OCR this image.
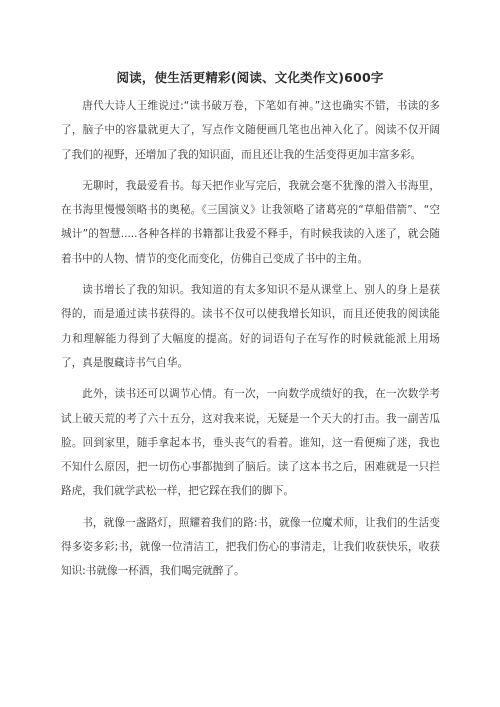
阅读，使生活更精彩(阅读、文化类作文)600字

唐代大诗人王维说过:“读书破万卷，下笔如有神。”这也确实不错，书读的多了，脑子中的容量就更大了，写点作文随便画几笔也出神入化了。阅读不仅开阔了我们的视野，还增加了我的知识面，而且还让我的生活变得更加丰富多彩。

无聊时，我最爱看书。每天把作业写完后，我就会毫不犹豫的潜入书海里，在书海里慢慢领略书的奥秘。《三国演义》让我领略了诸葛亮的“草船借箭”、“空城计”的智慧.....各种各样的书籍都让我爱不释手，有时候我读的入迷了，就会随着书中的人物、情节的变化而变化，仿佛自己变成了书中的主角。

读书增长了我的知识。我知道的有太多知识不是从课堂上、别人的身上是获得的，而是通过读书获得的。读书不仅可以使我增长知识，而且还使我的阅读能力和理解能力得到了大幅度的提高。好的词语句子在写作的时候就能派上用场了，真是腹藏诗书气自华。

此外，读书还可以调节心情。有一次，一向数学成绩好的我，在一次数学考试上破天荒的考了六十五分，这对我来说，无疑是一个天大的打击。我一副苦瓜脸。回到家里，随手拿起本书，垂头丧气的看着。谁知，这一看便痴了迷，我也不知什么原因，把一切伤心事都抛到了脑后。读了这本书之后，困难就是一只拦路虎，我们就学武松一样，把它踩在我们的脚下。

书，就像一盏路灯，照耀着我们的路:书，就像一位魔术师，让我们的生活变得多姿多彩;书，就像一位清洁工，把我们伤心的事清走，让我们收获快乐，收获知识:书就像一杯酒，我们喝完就醉了。
